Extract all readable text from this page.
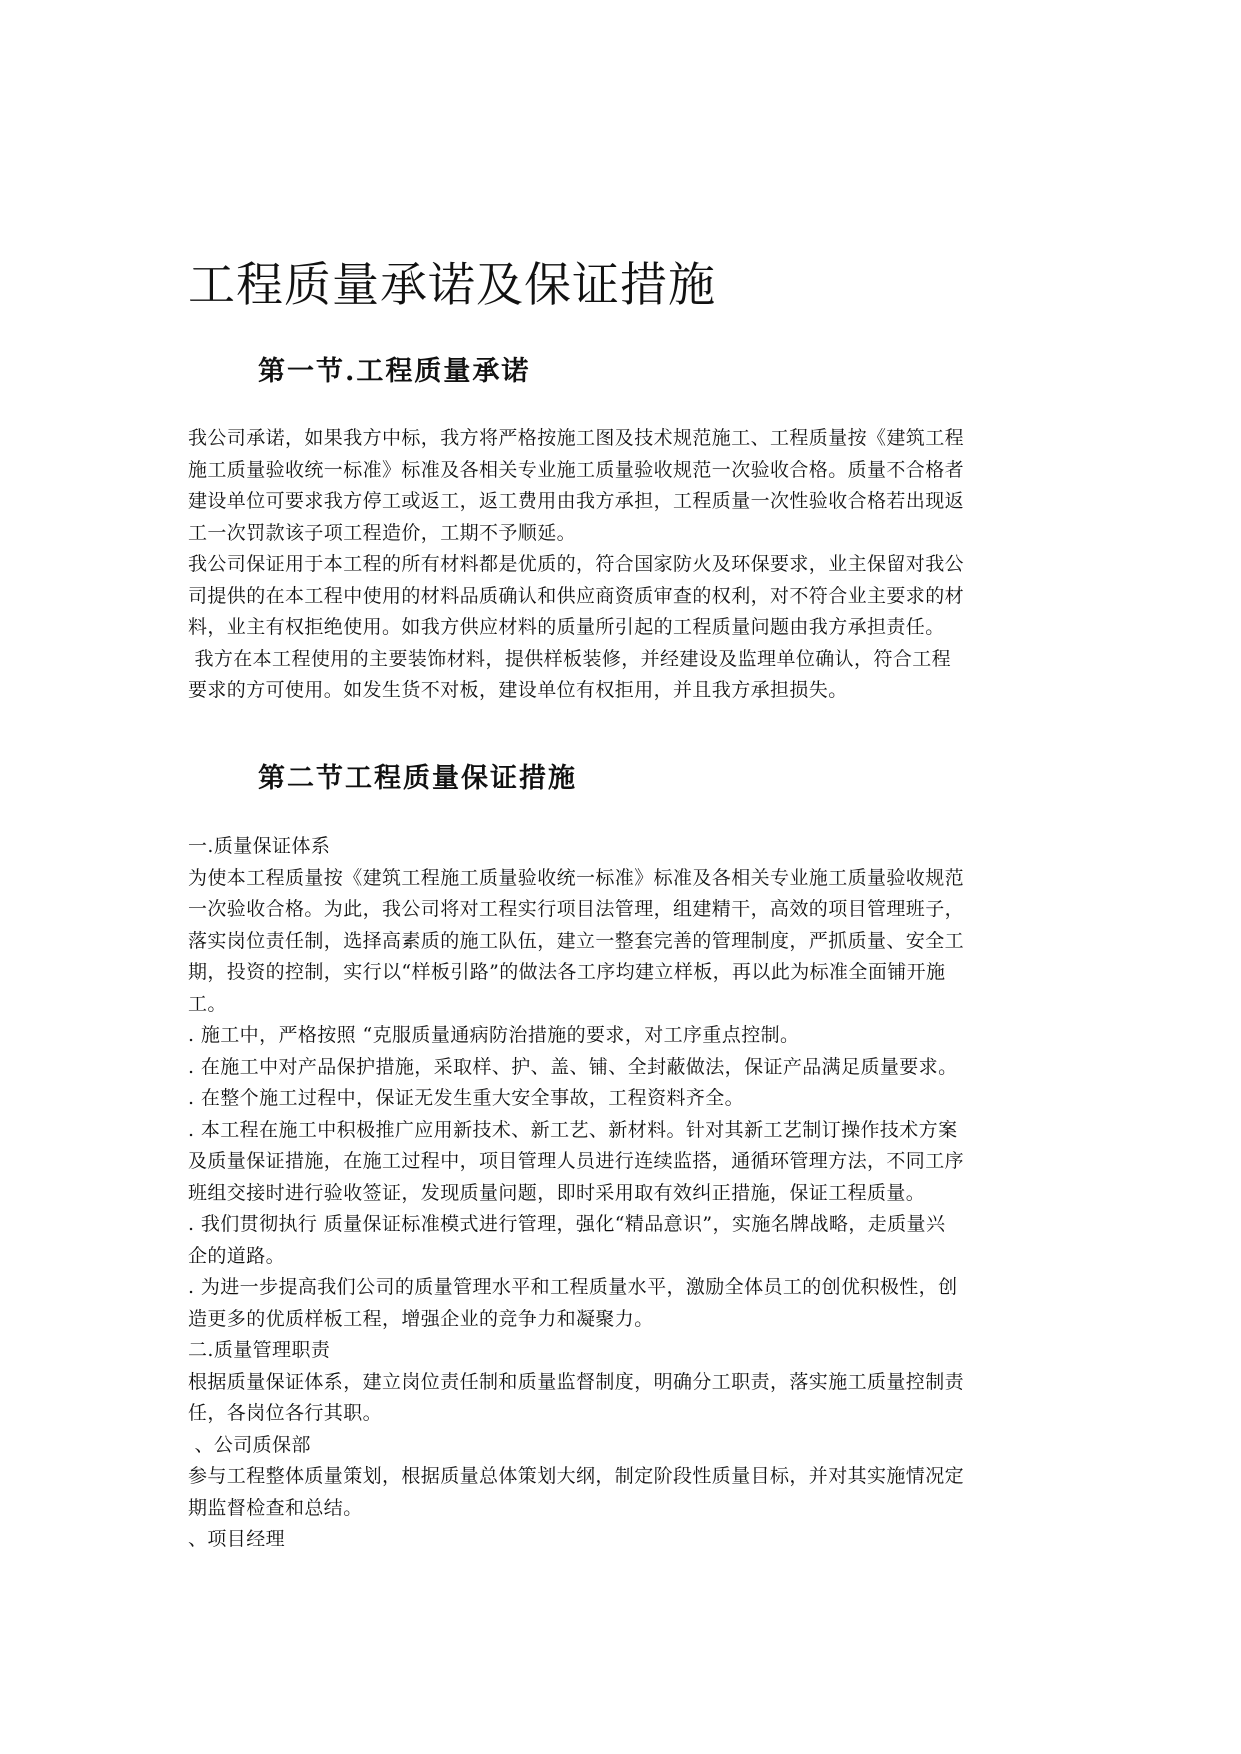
工程质量承诺及保证措施
第一节.工程质量承诺

我公司承诺，如果我方中标，我方将严格按施工图及技术规范施工、工程质量按《建筑工程

施工质量验收统一标准》标准及各相关专业施工质量验收规范一次验收合格。质量不合格者

建设单位可要求我方停工或返工，返工费用由我方承担，工程质量一次性验收合格若出现返

工一次罚款该子项工程造价，工期不予顺延。

我公司保证用于本工程的所有材料都是优质的，符合国家防火及环保要求，业主保留对我公

司提供的在本工程中使用的材料品质确认和供应商资质审查的权利，对不符合业主要求的材

料，业主有权拒绝使用。如我方供应材料的质量所引起的工程质量问题由我方承担责任。

我方在本工程使用的主要装饰材料，提供样板装修，并经建设及监理单位确认，符合工程

要求的方可使用。如发生货不对板，建设单位有权拒用，并且我方承担损失。

第二节工程质量保证措施

一.质量保证体系

为使本工程质量按《建筑工程施工质量验收统一标准》标准及各相关专业施工质量验收规范

一次验收合格。为此，我公司将对工程实行项目法管理，组建精干，高效的项目管理班子，

落实岗位责任制，选择高素质的施工队伍，建立一整套完善的管理制度，严抓质量、安全工

期，投资的控制，实行以“样板引路”的做法各工序均建立样板，再以此为标准全面铺开施

工。

. 施工中，严格按照 “克服质量通病防治措施的要求，对工序重点控制。

. 在施工中对产品保护措施，采取样、护、盖、铺、全封蔽做法，保证产品满足质量要求。

. 在整个施工过程中，保证无发生重大安全事故，工程资料齐全。

. 本工程在施工中积极推广应用新技术、新工艺、新材料。针对其新工艺制订操作技术方案

及质量保证措施，在施工过程中，项目管理人员进行连续监搭，通循环管理方法，不同工序

班组交接时进行验收签证，发现质量问题，即时采用取有效纠正措施，保证工程质量。

. 我们贯彻执行 质量保证标准模式进行管理，强化“精品意识”，实施名牌战略，走质量兴

企的道路。

. 为进一步提高我们公司的质量管理水平和工程质量水平，激励全体员工的创优积极性，创

造更多的优质样板工程，增强企业的竞争力和凝聚力。

二.质量管理职责

根据质量保证体系，建立岗位责任制和质量监督制度，明确分工职责，落实施工质量控制责

任，各岗位各行其职。

、公司质保部

参与工程整体质量策划，根据质量总体策划大纲，制定阶段性质量目标，并对其实施情况定

期监督检查和总结。

、项目经理
